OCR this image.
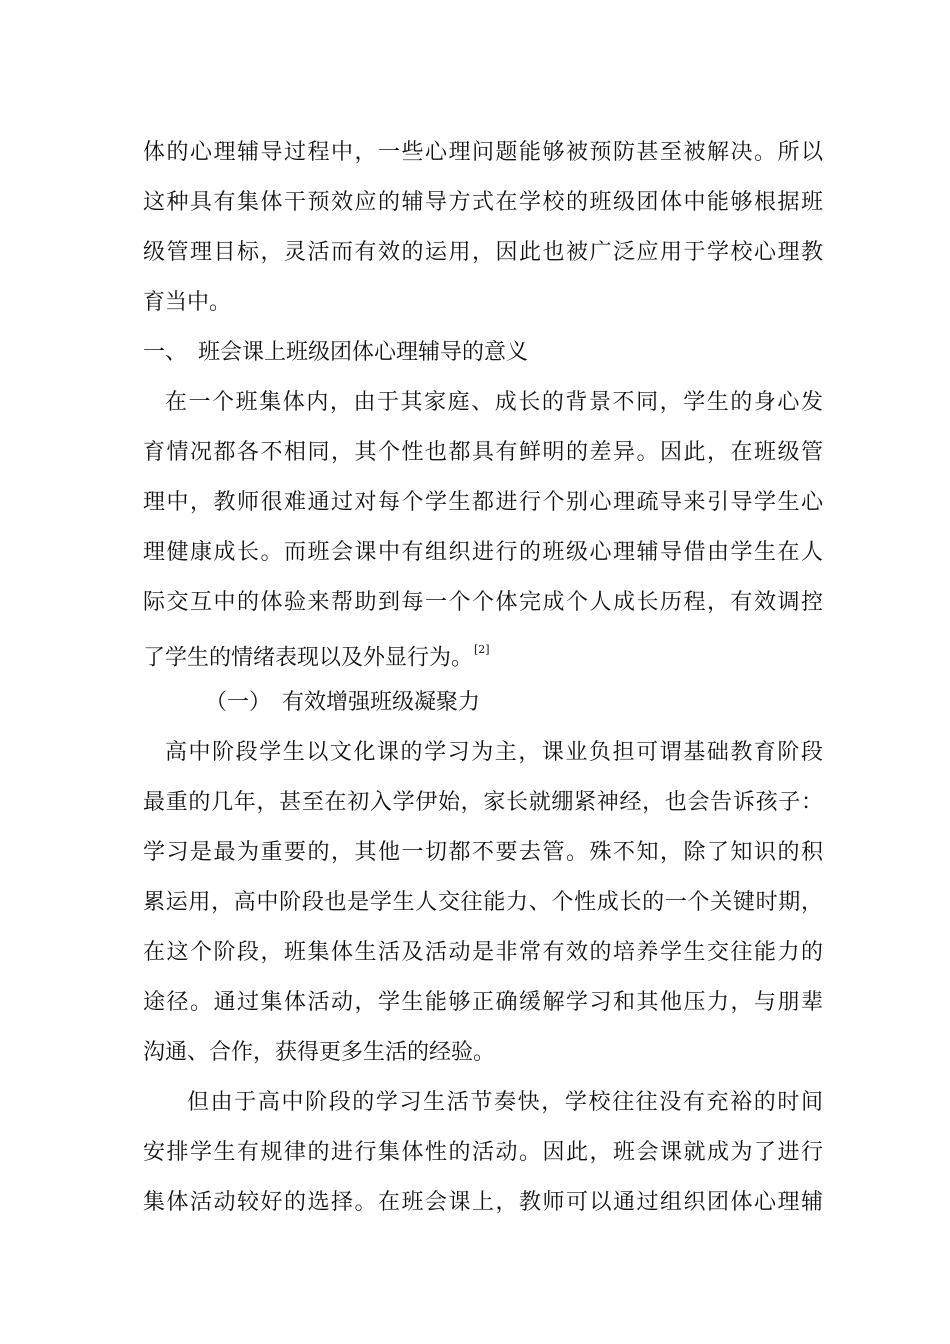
体的心理辅导过程中，一些心理问题能够被预防甚至被解决。所以
这种具有集体干预效应的辅导方式在学校的班级团体中能够根据班
级管理目标，灵活而有效的运用，因此也被广泛应用于学校心理教
育当中。
一、　班会课上班级团体心理辅导的意义
在一个班集体内，由于其家庭、成长的背景不同，学生的身心发
育情况都各不相同，其个性也都具有鲜明的差异。因此，在班级管
理中，教师很难通过对每个学生都进行个别心理疏导来引导学生心
理健康成长。而班会课中有组织进行的班级心理辅导借由学生在人
际交互中的体验来帮助到每一个个体完成个人成长历程，有效调控
了学生的情绪表现以及外显行为。[2]
（一）　有效增强班级凝聚力
高中阶段学生以文化课的学习为主，课业负担可谓基础教育阶段
最重的几年，甚至在初入学伊始，家长就绷紧神经，也会告诉孩子：
学习是最为重要的，其他一切都不要去管。殊不知，除了知识的积
累运用，高中阶段也是学生人交往能力、个性成长的一个关键时期，
在这个阶段，班集体生活及活动是非常有效的培养学生交往能力的
途径。通过集体活动，学生能够正确缓解学习和其他压力，与朋辈
沟通、合作，获得更多生活的经验。
但由于高中阶段的学习生活节奏快，学校往往没有充裕的时间
安排学生有规律的进行集体性的活动。因此，班会课就成为了进行
集体活动较好的选择。在班会课上，教师可以通过组织团体心理辅
